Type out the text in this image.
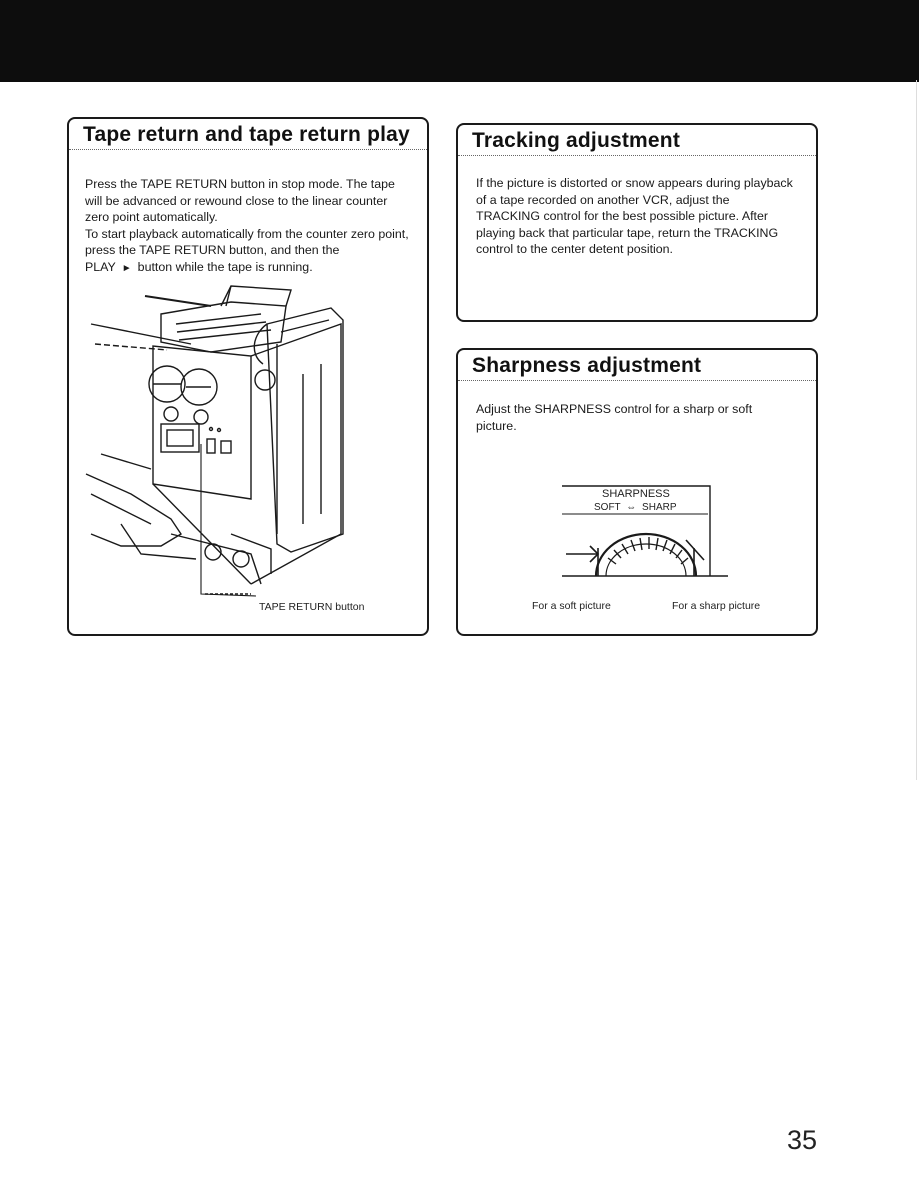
Tape return and tape return play

Press the TAPE RETURN button in stop mode. The tape will be advanced or rewound close to the linear counter zero point automatically.

To start playback automatically from the counter zero point, press the TAPE RETURN button, and then the

PLAY ► button while the tape is running.

TAPE RETURN button
Tracking adjustment
If the picture is distorted or snow appears during playback of a tape recorded on another VCR, adjust the TRACKING control for the best possible picture. After playing back that particular tape, return the TRACKING control to the center detent position.
Sharpness adjustment
Adjust the SHARPNESS control for a sharp or soft picture.
SHARPNESS
SOFT ⇔ SHARP
For a soft picture	For a sharp picture
35
